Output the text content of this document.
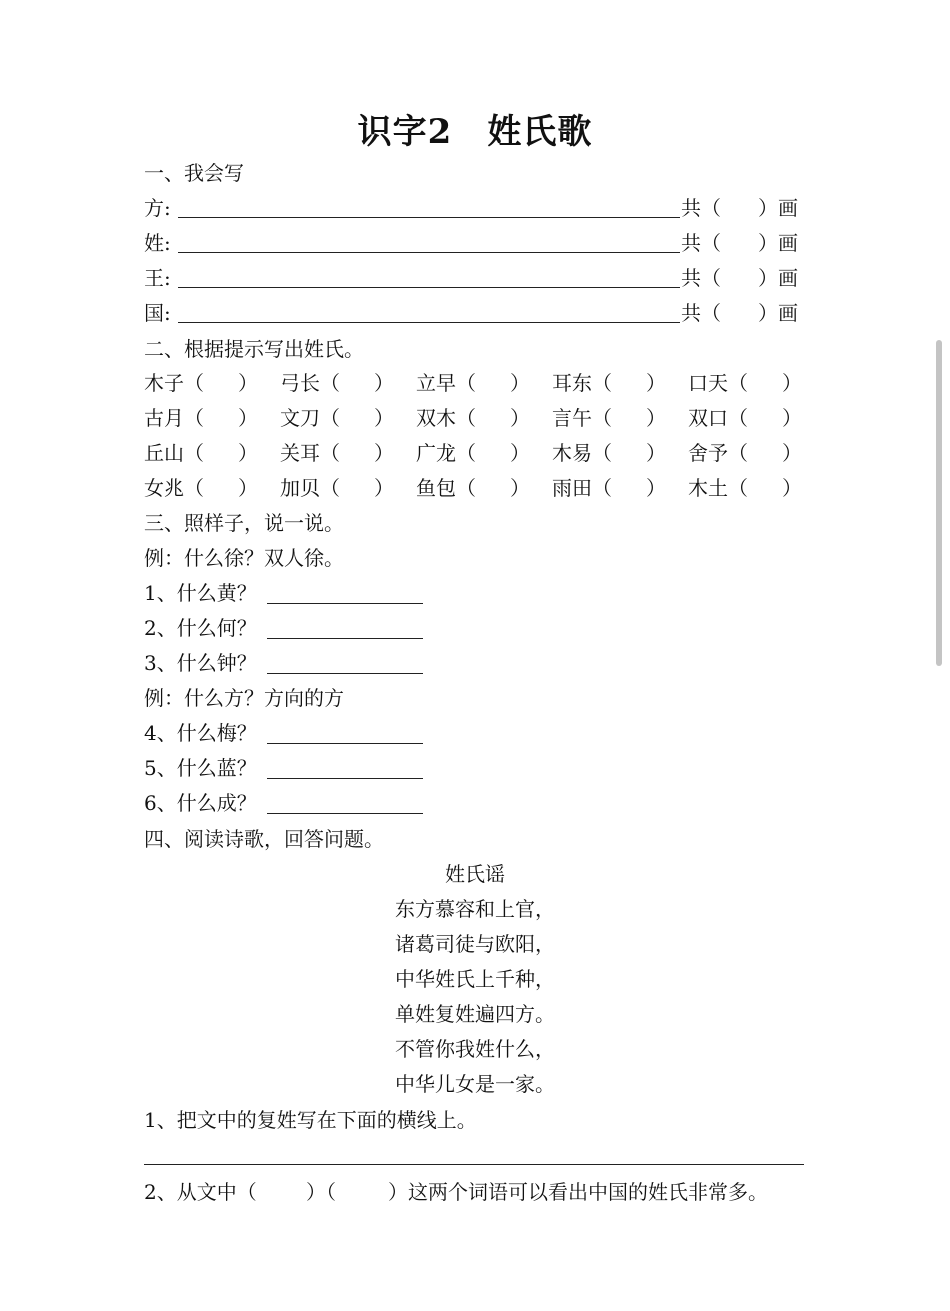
识字2　姓氏歌
一、我会写
方:	共（ ）画
姓:	共（ ）画
王:	共（ ）画
国:	共（ ）画
二、根据提示写出姓氏。
木子（ ） 弓长（ ） 立早（ ） 耳东（ ） 口天（ ）
古月（ ） 文刀（ ） 双木（ ） 言午（ ） 双口（ ）
丘山（ ） 关耳（ ） 广龙（ ） 木易（ ） 舍予（ ）
女兆（ ） 加贝（ ） 鱼包（ ） 雨田（ ） 木土（ ）
三、照样子，说一说。
例：什么徐？双人徐。
1、什么黄？
2、什么何？
3、什么钟？
例：什么方？方向的方
4、什么梅？
5、什么蓝？
6、什么成？
四、阅读诗歌，回答问题。
姓氏谣
东方慕容和上官，
诸葛司徒与欧阳，
中华姓氏上千种，
单姓复姓遍四方。
不管你我姓什么，
中华儿女是一家。
1、把文中的复姓写在下面的横线上。
2、从文中（ ）（	）这两个词语可以看出中国的姓氏非常多。
